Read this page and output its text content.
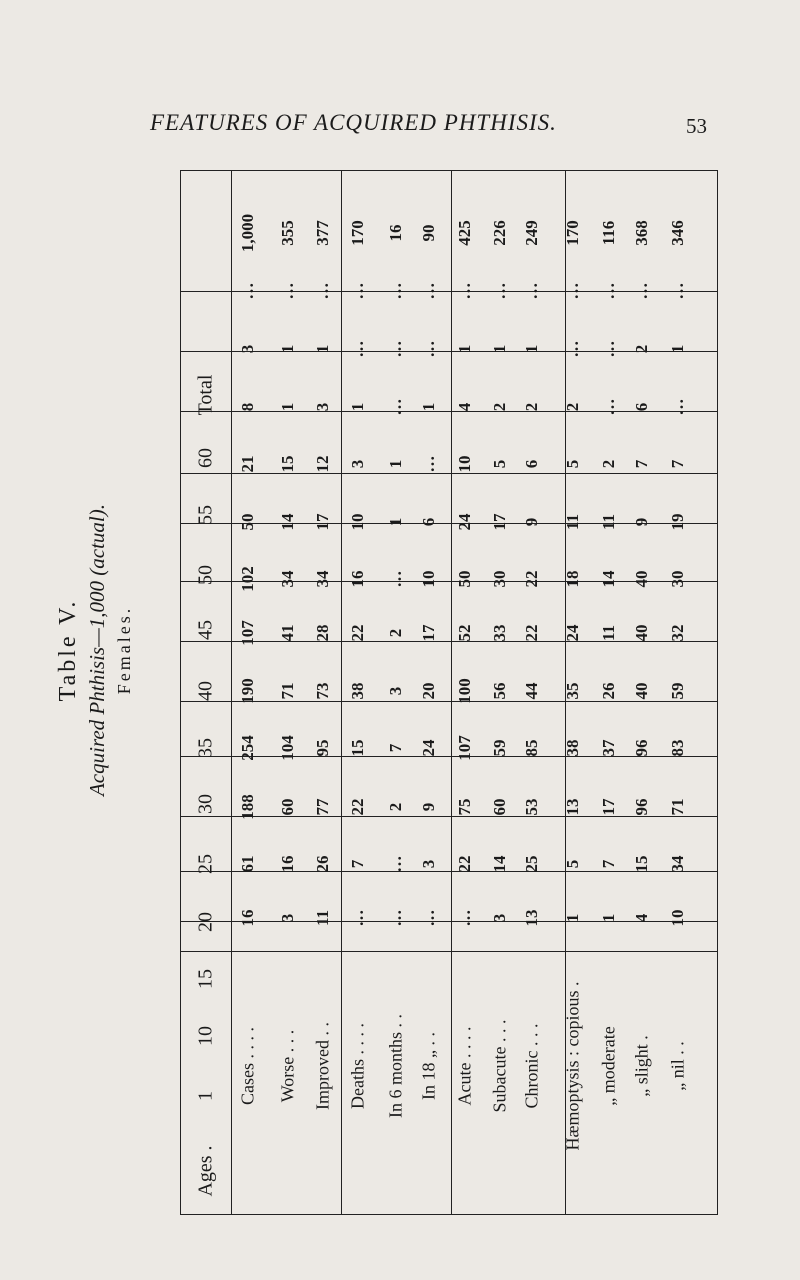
FEATURES OF ACQUIRED PHTHISIS.	53
Table V. Acquired Phthisis—1,000 (actual). Females.
Ages .
1
10
15
20
25
30
35
40
45
50
55
60
Total
Cases . . . .
16
61
188
254
190
107
102
50
21
8
3
…
1,000
Worse . . .
3
16
60
104
71
41
34
14
15
1
1
…
355
Improved . .
11
26
77
95
73
28
34
17
12
3
1
…
377
Deaths . . . .
…
7
22
15
38
22
16
10
3
1
…
…
170
In 6 months . .
…
…
2
7
3
2
…
1
1
…
…
…
16
In 18 „ . .
…
3
9
24
20
17
10
6
…
1
…
…
90
Acute . . . .
…
22
75
107
100
52
50
24
10
4
1
…
425
Subacute . . .
3
14
60
59
56
33
30
17
5
2
1
…
226
Chronic . . .
13
25
53
85
44
22
22
9
6
2
1
…
249
Hæmoptysis : copious .
1
5
13
38
35
24
18
11
5
2
…
…
170
„ moderate
1
7
17
37
26
11
14
11
2
…
…
…
116
„ slight .
4
15
96
96
40
40
40
9
7
6
2
…
368
„ nil . .
10
34
71
83
59
32
30
19
7
…
1
…
346
